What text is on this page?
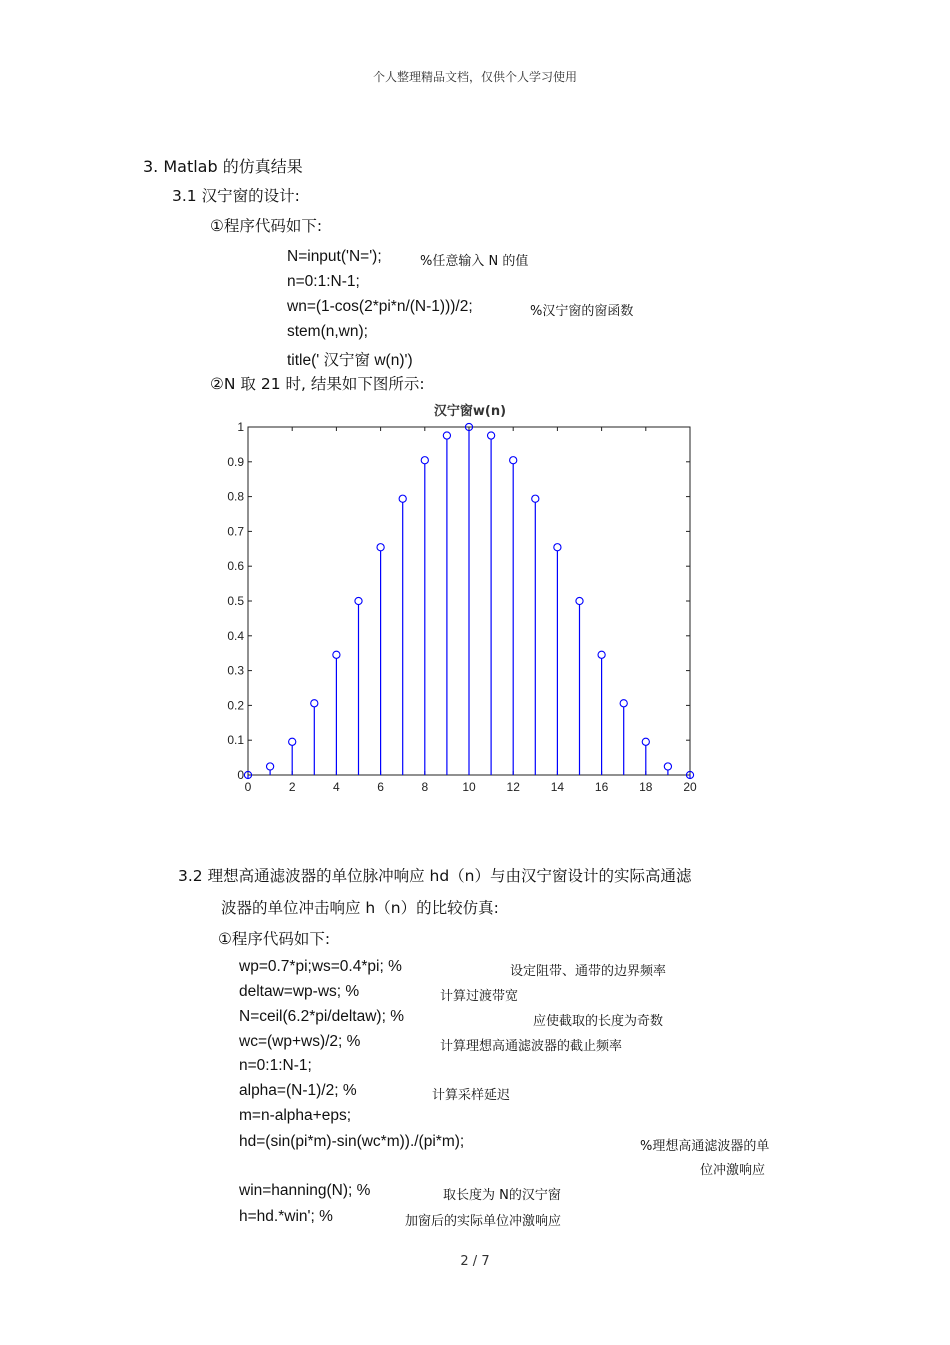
个人整理精品文档，仅供个人学习使用
3. Matlab 的仿真结果
3.1 汉宁窗的设计:
①程序代码如下:
N=input('N=');	%任意输入 N 的值
n=0:1:N-1;
wn=(1-cos(2*pi*n/(N-1)))/2;	%汉宁窗的窗函数
stem(n,wn);
title(' 汉宁窗 w(n)')
②N 取 21 时, 结果如下图所示:
汉宁窗w(n)
0
0.1
0.2
0.3
0.4
0.5
0.6
0.7
0.8
0.9
1
0	2	4	6	8	10	12	14	16	18	20
3.2 理想高通滤波器的单位脉冲响应 hd（n）与由汉宁窗设计的实际高通滤
波器的单位冲击响应 h（n）的比较仿真:
①程序代码如下:
wp=0.7*pi;ws=0.4*pi; %	设定阻带、通带的边界频率
deltaw=wp-ws; %	计算过渡带宽
N=ceil(6.2*pi/deltaw); %	应使截取的长度为奇数
wc=(wp+ws)/2; %	计算理想高通滤波器的截止频率
n=0:1:N-1;
alpha=(N-1)/2; %	计算采样延迟
m=n-alpha+eps;
hd=(sin(pi*m)-sin(wc*m))./(pi*m);	%理想高通滤波器的单
位冲激响应
win=hanning(N); %	取长度为 N的汉宁窗
h=hd.*win'; %	加窗后的实际单位冲激响应
2 / 7
